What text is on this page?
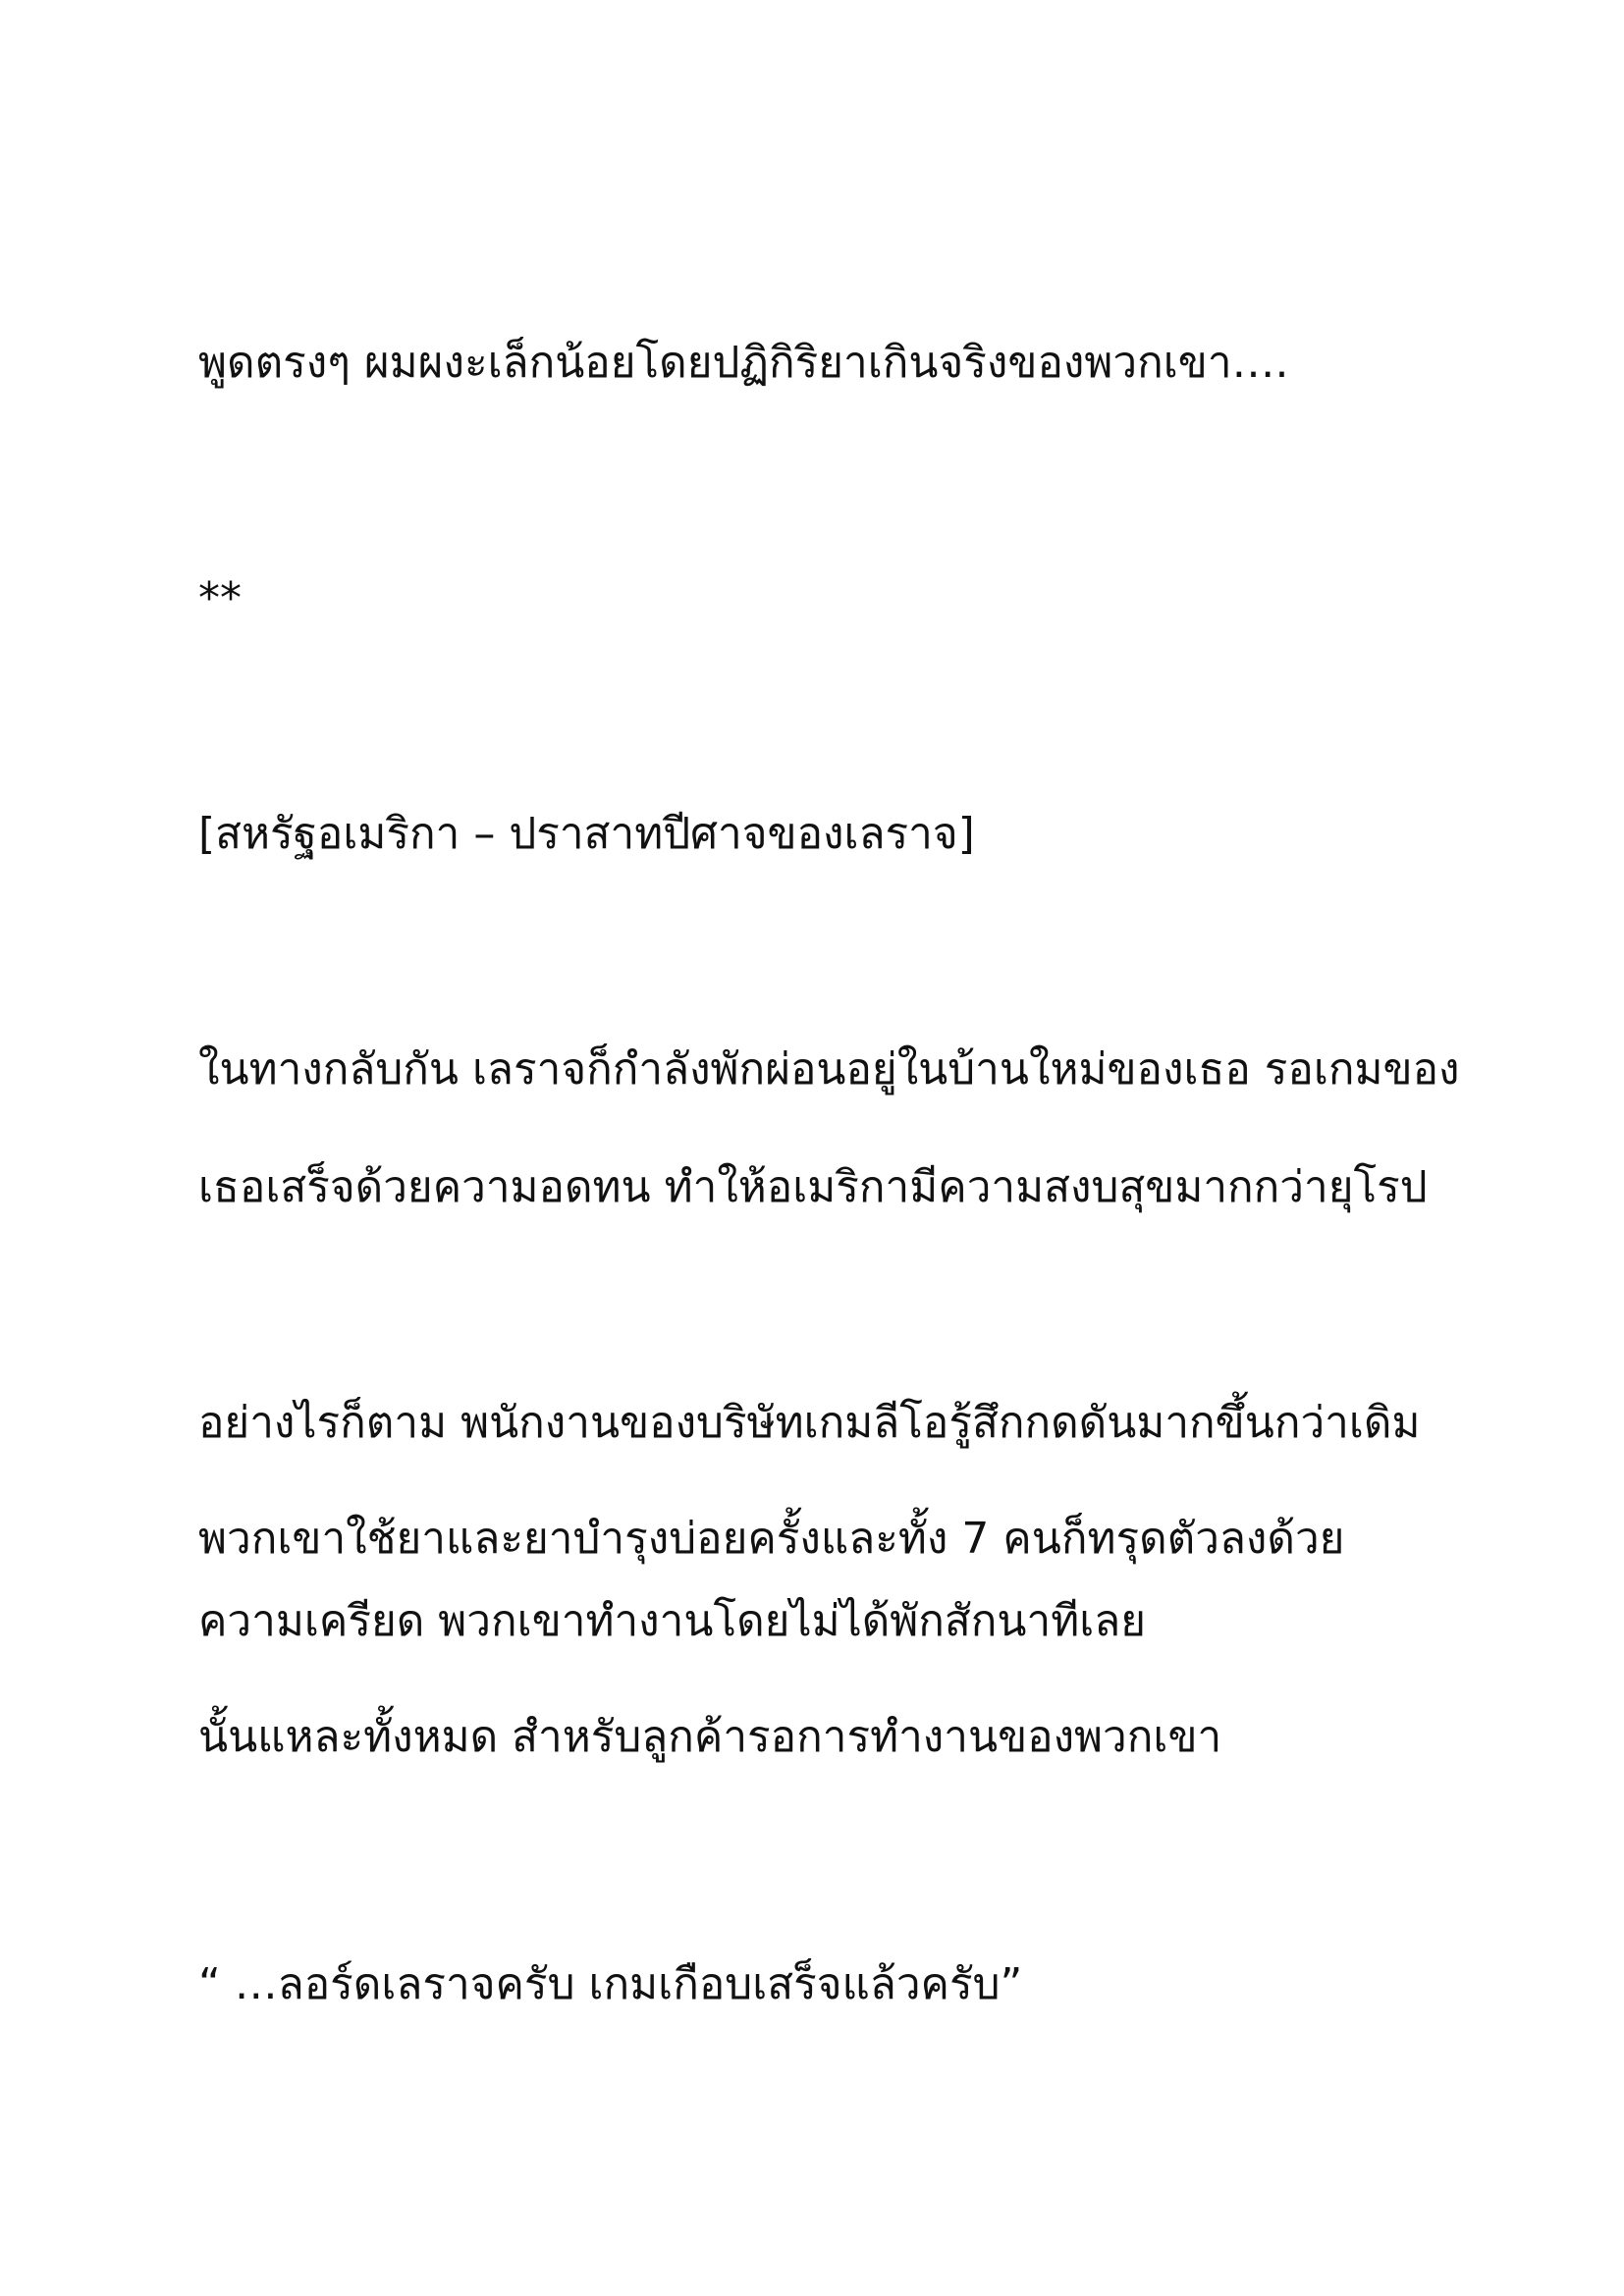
พูดตรงๆ ผมผงะเล็กน้อยโดยปฏิกิริยาเกินจริงของพวกเขา….
**
[สหรัฐอเมริกา – ปราสาทปีศาจของเลราจ]
ในทางกลับกัน เลราจก็กำลังพักผ่อนอยู่ในบ้านใหม่ของเธอ รอเกมของ
เธอเสร็จด้วยความอดทน ทำให้อเมริกามีความสงบสุขมากกว่ายุโรป
อย่างไรก็ตาม พนักงานของบริษัทเกมลีโอรู้สึกกดดันมากขึ้นกว่าเดิม
พวกเขาใช้ยาและยาบำรุงบ่อยครั้งและทั้ง 7 คนก็ทรุดตัวลงด้วย
ความเครียด พวกเขาทำงานโดยไม่ได้พักสักนาทีเลย
นั้นแหละทั้งหมด สำหรับลูกค้ารอการทำงานของพวกเขา
“ …ลอร์ดเลราจครับ เกมเกือบเสร็จแล้วครับ”
